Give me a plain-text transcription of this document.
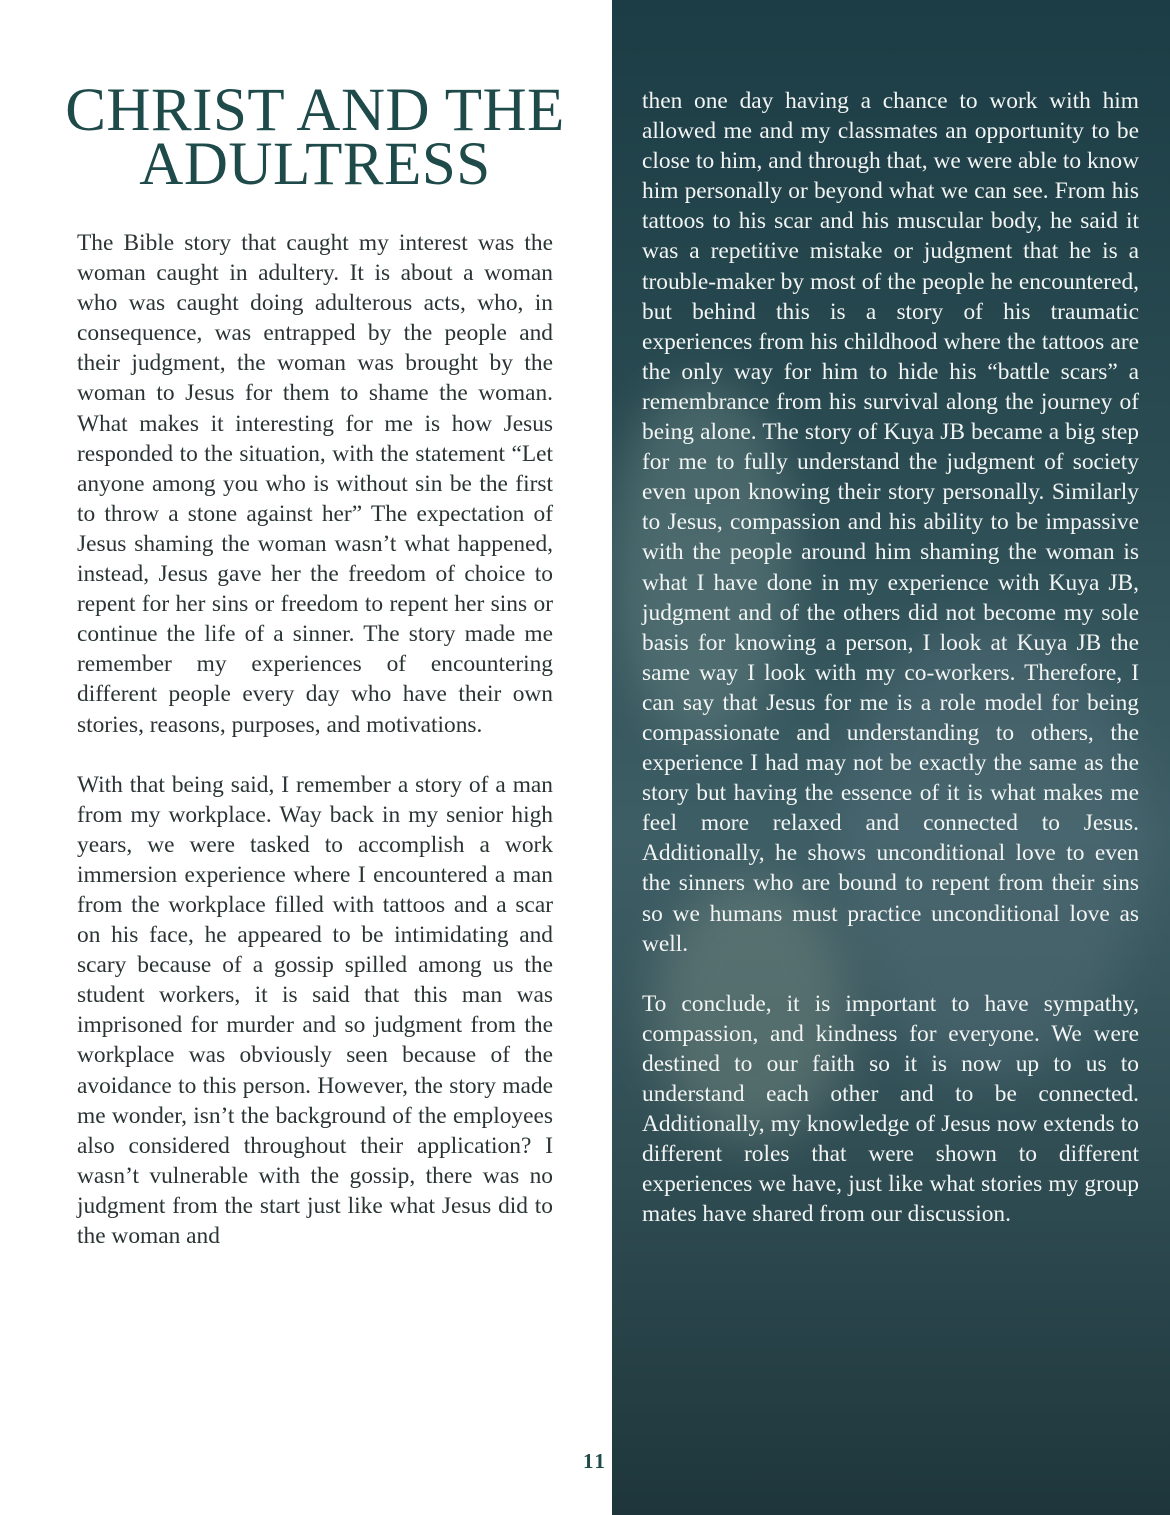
CHRIST AND THE
ADULTRESS

The Bible story that caught my interest was the woman caught in adultery. It is about a woman who was caught doing adulterous acts, who, in consequence, was entrapped by the people and their judgment, the woman was brought by the woman to Jesus for them to shame the woman. What makes it interesting for me is how Jesus responded to the situation, with the statement “Let anyone among you who is without sin be the first to throw a stone against her” The expectation of Jesus shaming the woman wasn’t what happened, instead, Jesus gave her the freedom of choice to repent for her sins or freedom to repent her sins or continue the life of a sinner. The story made me remember my experiences of encountering different people every day who have their own stories, reasons, purposes, and motivations.

With that being said, I remember a story of a man from my workplace. Way back in my senior high years, we were tasked to accomplish a work immersion experience where I encountered a man from the workplace filled with tattoos and a scar on his face, he appeared to be intimidating and scary because of a gossip spilled among us the student workers, it is said that this man was imprisoned for murder and so judgment from the workplace was obviously seen because of the avoidance to this person. However, the story made me wonder, isn’t the background of the employees also considered throughout their application? I wasn’t vulnerable with the gossip, there was no judgment from the start just like what Jesus did to the woman and

11

then one day having a chance to work with him allowed me and my classmates an opportunity to be close to him, and through that, we were able to know him personally or beyond what we can see. From his tattoos to his scar and his muscular body, he said it was a repetitive mistake or judgment that he is a trouble-maker by most of the people he encountered, but behind this is a story of his traumatic experiences from his childhood where the tattoos are the only way for him to hide his “battle scars” a remembrance from his survival along the journey of being alone. The story of Kuya JB became a big step for me to fully understand the judgment of society even upon knowing their story personally. Similarly to Jesus, compassion and his ability to be impassive with the people around him shaming the woman is what I have done in my experience with Kuya JB, judgment and of the others did not become my sole basis for knowing a person, I look at Kuya JB the same way I look with my co-workers. Therefore, I can say that Jesus for me is a role model for being compassionate and understanding to others, the experience I had may not be exactly the same as the story but having the essence of it is what makes me feel more relaxed and connected to Jesus. Additionally, he shows unconditional love to even the sinners who are bound to repent from their sins so we humans must practice unconditional love as well.

To conclude, it is important to have sympathy, compassion, and kindness for everyone. We were destined to our faith so it is now up to us to understand each other and to be connected. Additionally, my knowledge of Jesus now extends to different roles that were shown to different experiences we have, just like what stories my group mates have shared from our discussion.
